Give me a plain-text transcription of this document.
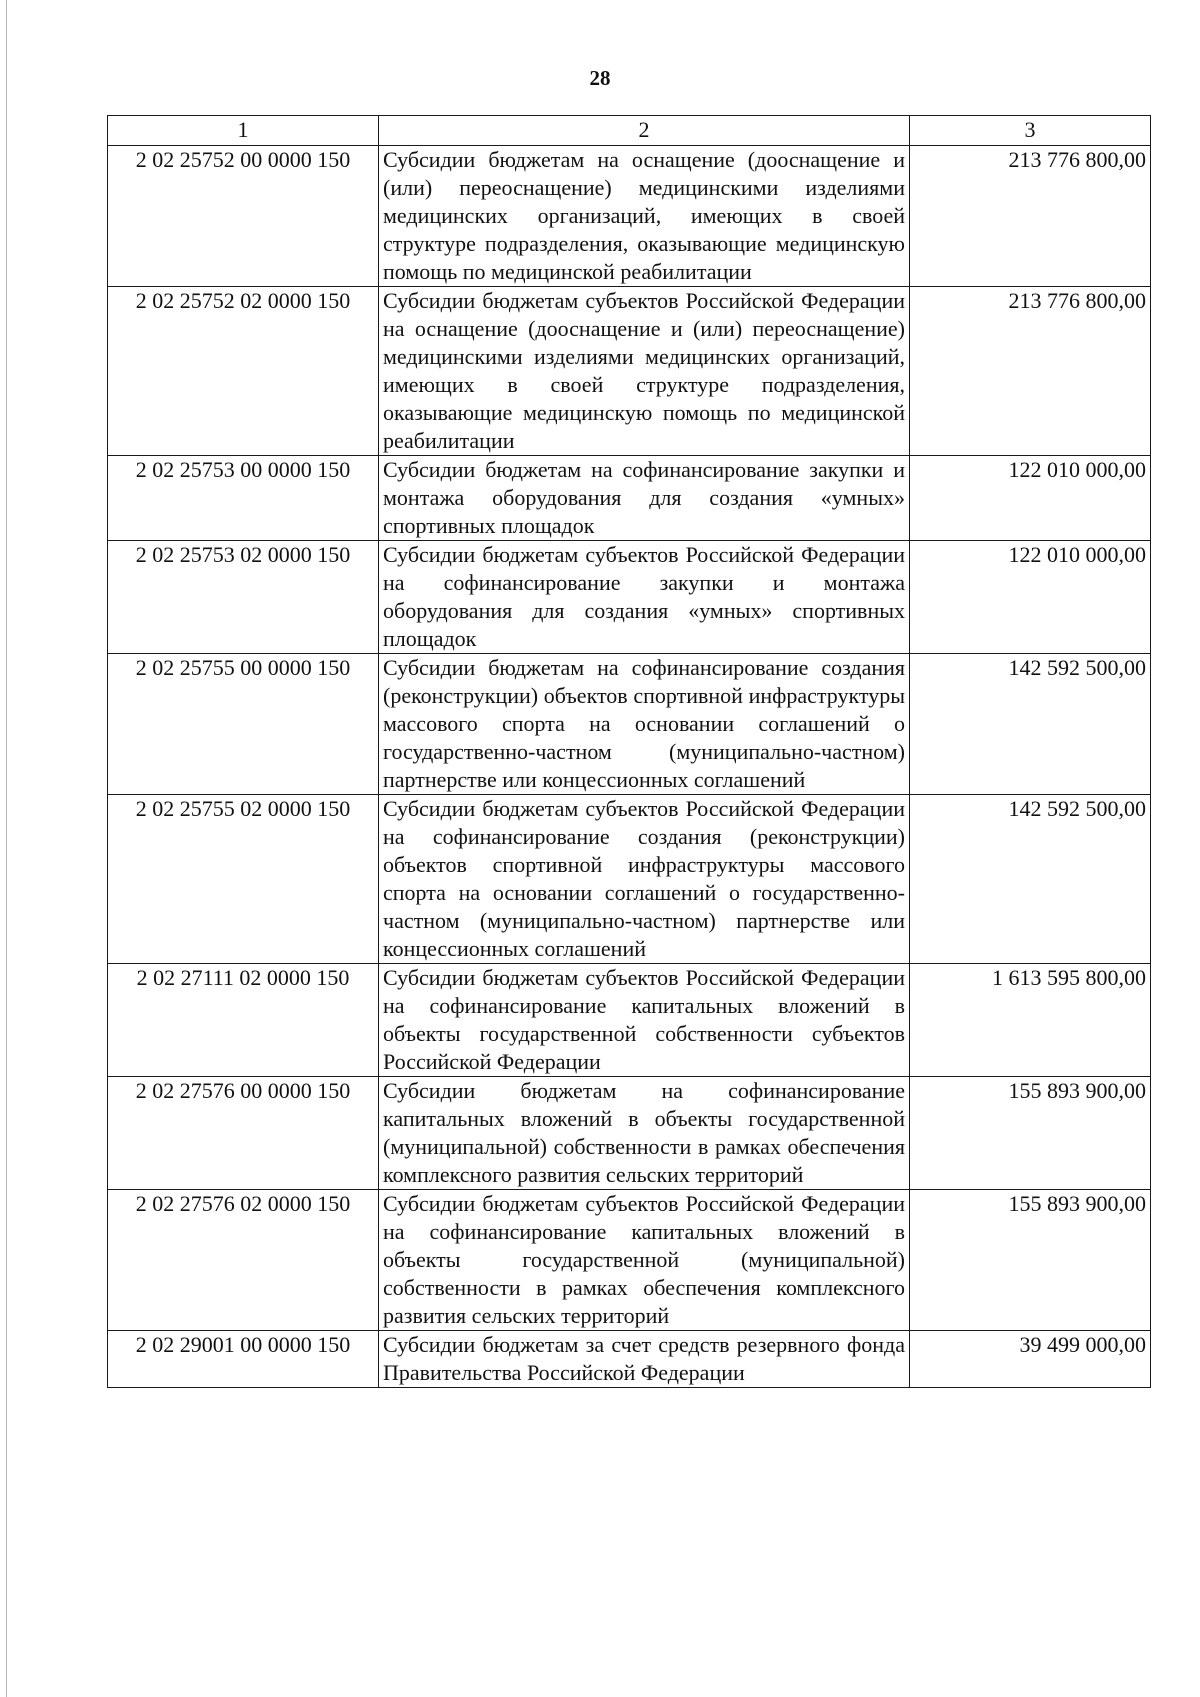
28
1	2	3
2 02 25752 00 0000 150	Субсидии бюджетам на оснащение (дооснащение и (или) переоснащение) медицинскими изделиями медицинских организаций, имеющих в своей структуре подразделения, оказывающие медицинскую помощь по медицинской реабилитации	213 776 800,00
2 02 25752 02 0000 150	Субсидии бюджетам субъектов Российской Федерации на оснащение (дооснащение и (или) переоснащение) медицинскими изделиями медицинских организаций, имеющих в своей структуре подразделения, оказывающие медицинскую помощь по медицинской реабилитации	213 776 800,00
2 02 25753 00 0000 150	Субсидии бюджетам на софинансирование закупки и монтажа оборудования для создания «умных» спортивных площадок	122 010 000,00
2 02 25753 02 0000 150	Субсидии бюджетам субъектов Российской Федерации на софинансирование закупки и монтажа оборудования для создания «умных» спортивных площадок	122 010 000,00
2 02 25755 00 0000 150	Субсидии бюджетам на софинансирование создания (реконструкции) объектов спортивной инфраструктуры массового спорта на основании соглашений о государственно-частном (муниципально-частном) партнерстве или концессионных соглашений	142 592 500,00
2 02 25755 02 0000 150	Субсидии бюджетам субъектов Российской Федерации на софинансирование создания (реконструкции) объектов спортивной инфраструктуры массового спорта на основании соглашений о государственно-частном (муниципально-частном) партнерстве или концессионных соглашений	142 592 500,00
2 02 27111 02 0000 150	Субсидии бюджетам субъектов Российской Федерации на софинансирование капитальных вложений в объекты государственной собственности субъектов Российской Федерации	1 613 595 800,00
2 02 27576 00 0000 150	Субсидии бюджетам на софинансирование капитальных вложений в объекты государственной (муниципальной) собственности в рамках обеспечения комплексного развития сельских территорий	155 893 900,00
2 02 27576 02 0000 150	Субсидии бюджетам субъектов Российской Федерации на софинансирование капитальных вложений в объекты государственной (муниципальной) собственности в рамках обеспечения комплексного развития сельских территорий	155 893 900,00
2 02 29001 00 0000 150	Субсидии бюджетам за счет средств резервного фонда Правительства Российской Федерации	39 499 000,00
